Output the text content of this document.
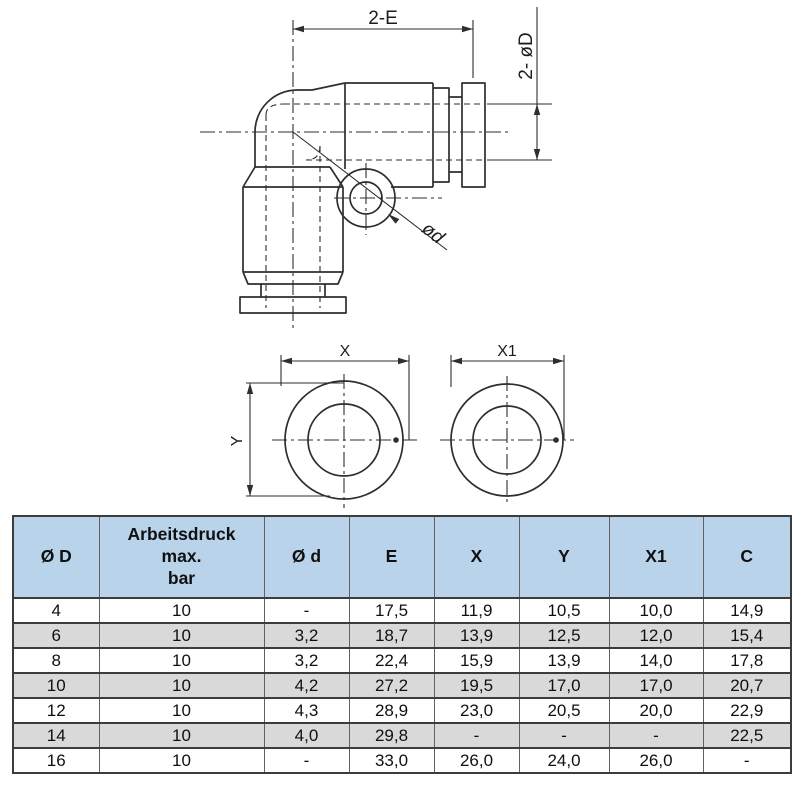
ød
2-E
2- øD
X
Y
X1
Ø D	Arbeitsdruck
max.
bar	Ø d	E	X	Y	X1	C

4	10	-	17,5	11,9	10,5	10,0	14,9
6	10	3,2	18,7	13,9	12,5	12,0	15,4
8	10	3,2	22,4	15,9	13,9	14,0	17,8
10	10	4,2	27,2	19,5	17,0	17,0	20,7
12	10	4,3	28,9	23,0	20,5	20,0	22,9
14	10	4,0	29,8	-	-	-	22,5
16	10	-	33,0	26,0	24,0	26,0	-
